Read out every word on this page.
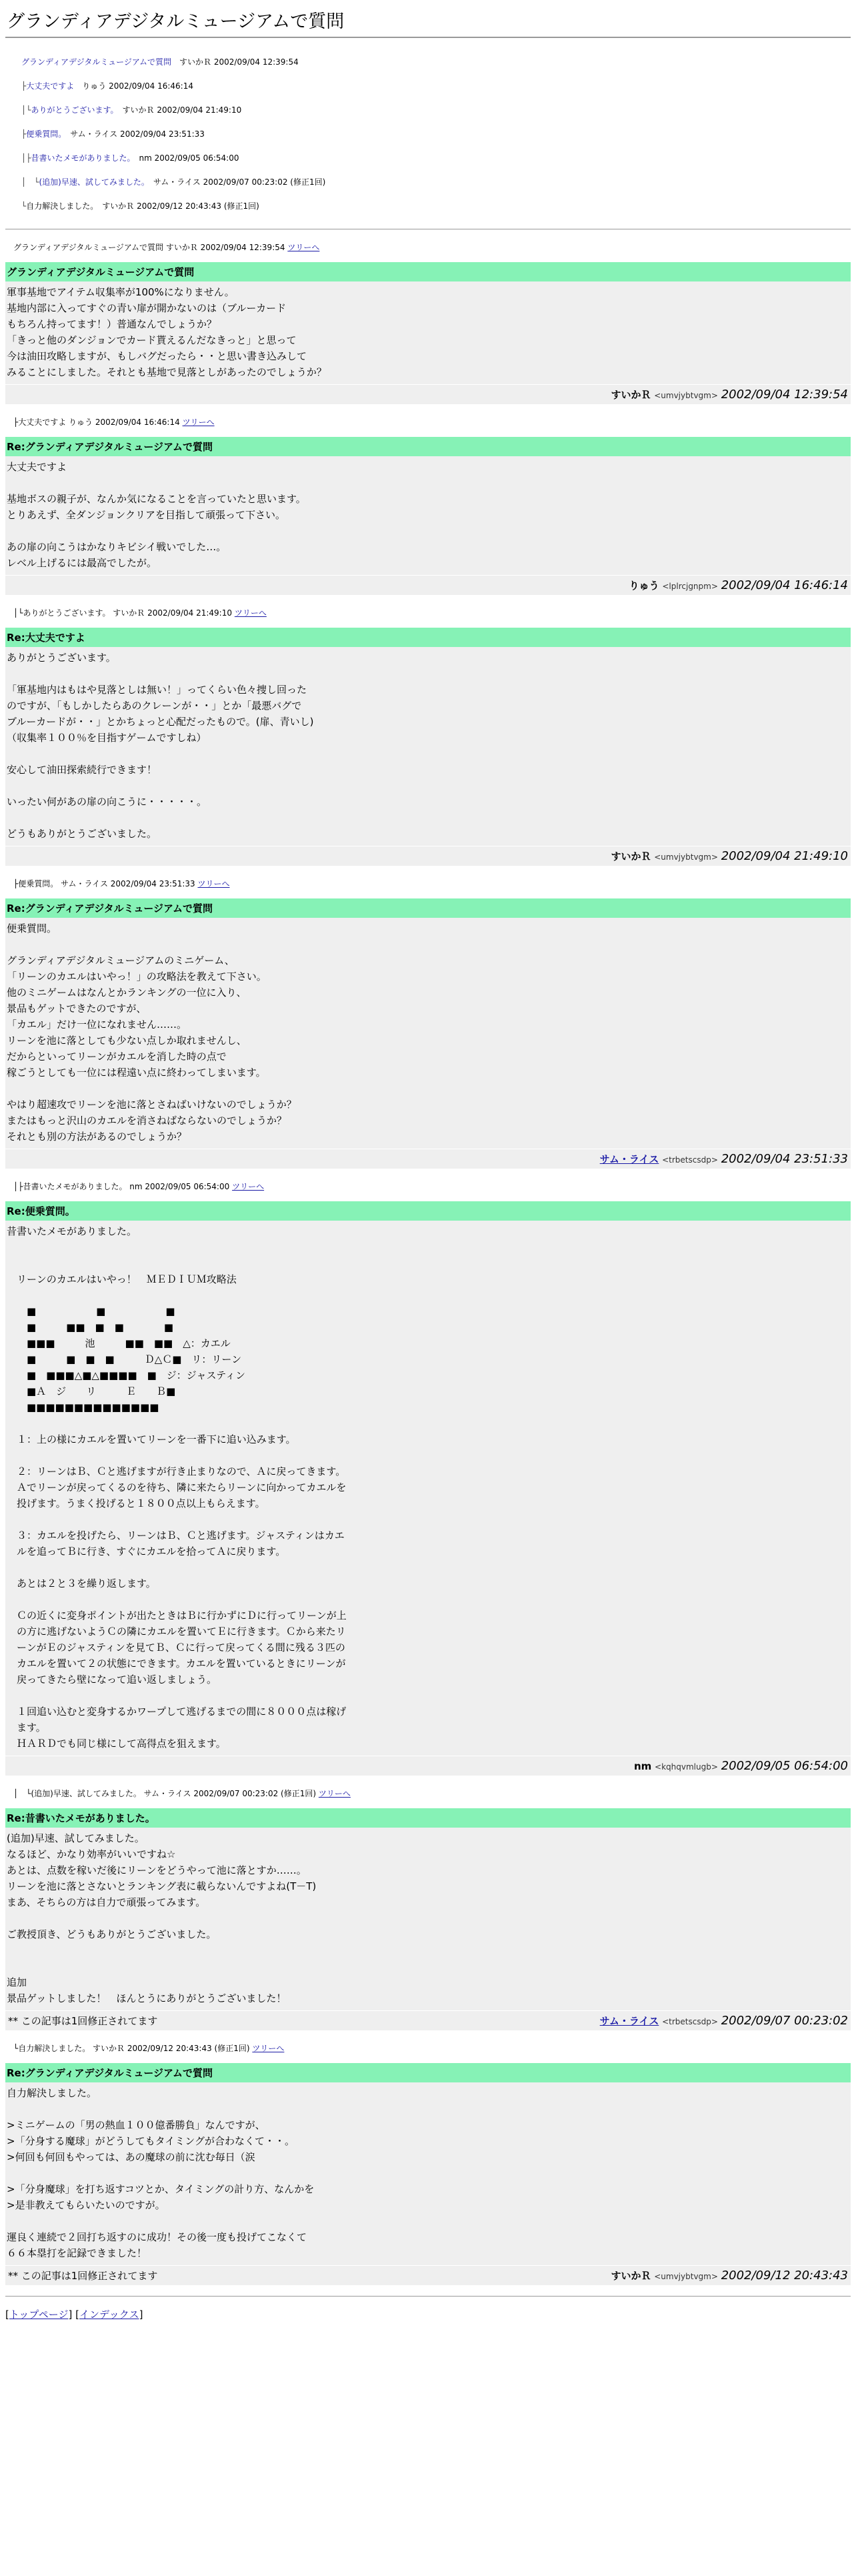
グランディアデジタルミュージアムで質問
グランディアデジタルミュージアムで質問　 すいかＲ 2002/09/04 12:39:54
├大丈夫ですよ　 りゅう 2002/09/04 16:46:14
│└ありがとうございます。　 すいかＲ 2002/09/04 21:49:10
├便乗質問。　 サム・ライス 2002/09/04 23:51:33
│├昔書いたメモがありました。　 nm 2002/09/05 06:54:00
│　└(追加)早速、試してみました。　 サム・ライス 2002/09/07 00:23:02 (修正1回)
└自力解決しました。　 すいかＲ 2002/09/12 20:43:43 (修正1回)
グランディアデジタルミュージアムで質問 すいかＲ 2002/09/04 12:39:54 ツリーへ
グランディアデジタルミュージアムで質問
軍事基地でアイテム収集率が100%になりません。
基地内部に入ってすぐの青い扉が開かないのは（ブルーカード
もちろん持ってます！）普通なんでしょうか？
「きっと他のダンジョンでカード貰えるんだなきっと」と思って
今は油田攻略しますが、もしバグだったら・・と思い書き込みして
みることにしました。それとも基地で見落としがあったのでしょうか？
すいかＲ <umvjybtvgm> 2002/09/04 12:39:54
├大丈夫ですよ りゅう 2002/09/04 16:46:14 ツリーへ
Re:グランディアデジタルミュージアムで質問
大丈夫ですよ

基地ボスの親子が、なんか気になることを言っていたと思います。
とりあえず、全ダンジョンクリアを目指して頑張って下さい。

あの扉の向こうはかなりキビシイ戦いでした…。
レベル上げるには最高でしたが。
りゅう <lplrcjgnpm> 2002/09/04 16:46:14
│└ありがとうございます。 すいかＲ 2002/09/04 21:49:10 ツリーへ
Re:大丈夫ですよ
ありがとうございます。

「軍基地内はもはや見落としは無い！」ってくらい色々捜し回った
のですが、「もしかしたらあのクレーンが・・」とか「最悪バグで
ブルーカードが・・」とかちょっと心配だったもので。(扉、青いし)
（収集率１００％を目指すゲームですしね）

安心して油田探索続行できます！

いったい何があの扉の向こうに・・・・・。

どうもありがとうございました。
すいかＲ <umvjybtvgm> 2002/09/04 21:49:10
├便乗質問。 サム・ライス 2002/09/04 23:51:33 ツリーへ
Re:グランディアデジタルミュージアムで質問
便乗質問。

グランディアデジタルミュージアムのミニゲーム、
「リーンのカエルはいやっ！」の攻略法を教えて下さい。
他のミニゲームはなんとかランキングの一位に入り、
景品もゲットできたのですが、
「カエル」だけ一位になれません……。
リーンを池に落としても少ない点しか取れませんし、
だからといってリーンがカエルを消した時の点で
稼ごうとしても一位には程遠い点に終わってしまいます。

やはり超速攻でリーンを池に落とさねばいけないのでしょうか？
またはもっと沢山のカエルを消さねばならないのでしょうか？
それとも別の方法があるのでしょうか？
サム・ライス <trbetscsdp> 2002/09/04 23:51:33
│├昔書いたメモがありました。 nm 2002/09/05 06:54:00 ツリーへ
Re:便乗質問。
昔書いたメモがありました。

　リーンのカエルはいやっ！　ＭＥＤＩＵＭ攻略法

　　■　　　　　　■　　　　　　■
　　■　　　■■　■　■　　　　■
　　■■■　　　池　　　■■　■■　△：カエル
　　■　　　■　■　■　　　Ｄ△Ｃ■　リ：リーン
　　■　■■■△■△■■■■　■　ジ：ジャスティン
　　■Ａ　ジ　　リ　　　Ｅ　　Ｂ■
　　■■■■■■■■■■■■■■

　１：上の様にカエルを置いてリーンを一番下に追い込みます。

　２：リーンはＢ、Ｃと逃げますが行き止まりなので、Ａに戻ってきます。
　Ａでリーンが戻ってくるのを待ち、隣に来たらリーンに向かってカエルを
　投げます。うまく投げると１８００点以上もらえます。

　３：カエルを投げたら、リーンはＢ、Ｃと逃げます。ジャスティンはカエ
　ルを追ってＢに行き、すぐにカエルを拾ってＡに戻ります。

　あとは２と３を繰り返します。

　Ｃの近くに変身ポイントが出たときはＢに行かずにＤに行ってリーンが上
　の方に逃げないようＣの隣にカエルを置いてＥに行きます。Ｃから来たリ
　ーンがＥのジャスティンを見てＢ、Ｃに行って戻ってくる間に残る３匹の
　カエルを置いて２の状態にできます。カエルを置いているときにリーンが
　戻ってきたら壁になって追い返しましょう。

　１回追い込むと変身するかワープして逃げるまでの間に８０００点は稼げ
　ます。
　ＨＡＲＤでも同じ様にして高得点を狙えます。
nm <kqhqvmlugb> 2002/09/05 06:54:00
│　└(追加)早速、試してみました。 サム・ライス 2002/09/07 00:23:02 (修正1回) ツリーへ
Re:昔書いたメモがありました。
(追加)早速、試してみました。
なるほど、かなり効率がいいですね☆
あとは、点数を稼いだ後にリーンをどうやって池に落とすか……。
リーンを池に落とさないとランキング表に載らないんですよね(T－T)
まあ、そちらの方は自力で頑張ってみます。

ご教授頂き、どうもありがとうございました。

追加
景品ゲットしました！　ほんとうにありがとうございました！
** この記事は1回修正されてます	サム・ライス <trbetscsdp> 2002/09/07 00:23:02
└自力解決しました。 すいかＲ 2002/09/12 20:43:43 (修正1回) ツリーへ
Re:グランディアデジタルミュージアムで質問
自力解決しました。

>ミニゲームの「男の熱血１００億番勝負」なんですが、
>「分身する魔球」がどうしてもタイミングが合わなくて・・。
>何回も何回もやっては、あの魔球の前に沈む毎日（涙

>「分身魔球」を打ち返すコツとか、タイミングの計り方、なんかを
>是非教えてもらいたいのですが。

運良く連続で２回打ち返すのに成功！その後一度も投げてこなくて
６６本塁打を記録できました！
** この記事は1回修正されてます	すいかＲ <umvjybtvgm> 2002/09/12 20:43:43
[トップページ] [インデックス]
